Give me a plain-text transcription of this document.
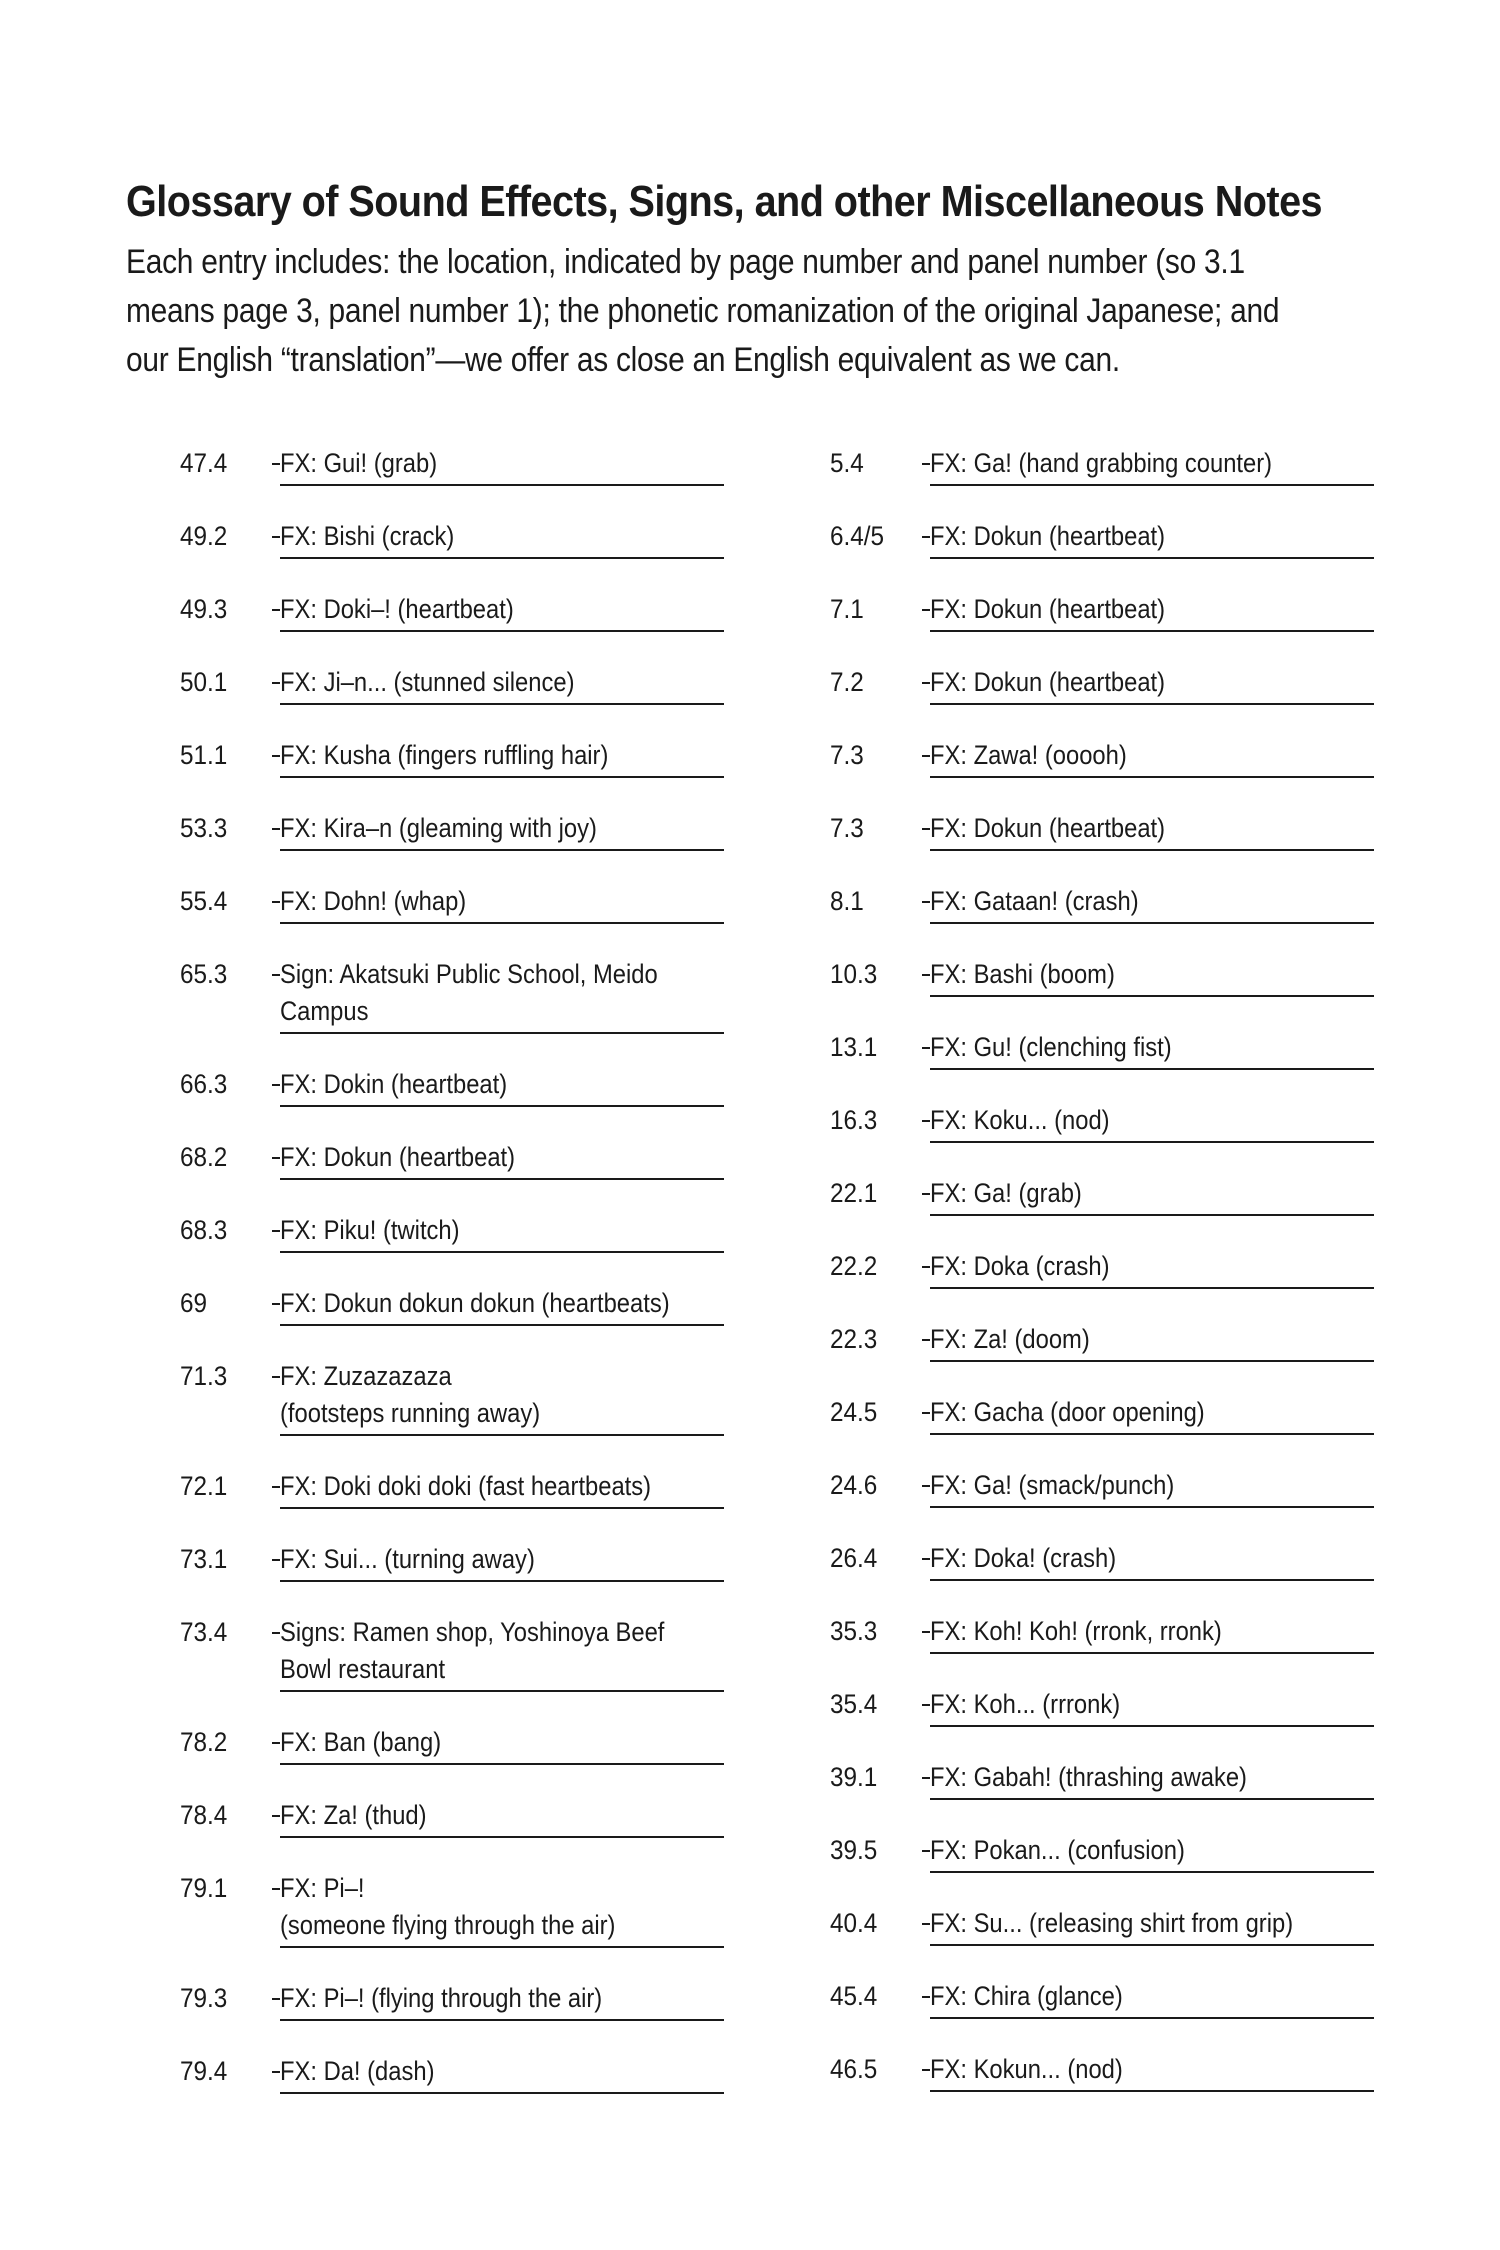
Glossary of Sound Effects, Signs, and other Miscellaneous Notes

Each entry includes: the location, indicated by page number and panel number (so 3.1 means page 3, panel number 1); the phonetic romanization of the original Japanese; and our English “translation”—we offer as close an English equivalent as we can.

47.4	FX: Gui! (grab)
49.2	FX: Bishi (crack)
49.3	FX: Doki–! (heartbeat)
50.1	FX: Ji–n... (stunned silence)
51.1	FX: Kusha (fingers ruffling hair)
53.3	FX: Kira–n (gleaming with joy)
55.4	FX: Dohn! (whap)
65.3	Sign: Akatsuki Public School, Meido
Campus
66.3	FX: Dokin (heartbeat)
68.2	FX: Dokun (heartbeat)
68.3	FX: Piku! (twitch)
69	FX: Dokun dokun dokun (heartbeats)
71.3	FX: Zuzazazaza
(footsteps running away)
72.1	FX: Doki doki doki (fast heartbeats)
73.1	FX: Sui... (turning away)
73.4	Signs: Ramen shop, Yoshinoya Beef
Bowl restaurant
78.2	FX: Ban (bang)
78.4	FX: Za! (thud)
79.1	FX: Pi–!
(someone flying through the air)
79.3	FX: Pi–! (flying through the air)
79.4	FX: Da! (dash)
5.4	FX: Ga! (hand grabbing counter)
6.4/5	FX: Dokun (heartbeat)
7.1	FX: Dokun (heartbeat)
7.2	FX: Dokun (heartbeat)
7.3	FX: Zawa! (ooooh)
7.3	FX: Dokun (heartbeat)
8.1	FX: Gataan! (crash)
10.3	FX: Bashi (boom)
13.1	FX: Gu! (clenching fist)
16.3	FX: Koku... (nod)
22.1	FX: Ga! (grab)
22.2	FX: Doka (crash)
22.3	FX: Za! (doom)
24.5	FX: Gacha (door opening)
24.6	FX: Ga! (smack/punch)
26.4	FX: Doka! (crash)
35.3	FX: Koh! Koh! (rronk, rronk)
35.4	FX: Koh... (rrronk)
39.1	FX: Gabah! (thrashing awake)
39.5	FX: Pokan... (confusion)
40.4	FX: Su... (releasing shirt from grip)
45.4	FX: Chira (glance)
46.5	FX: Kokun... (nod)
